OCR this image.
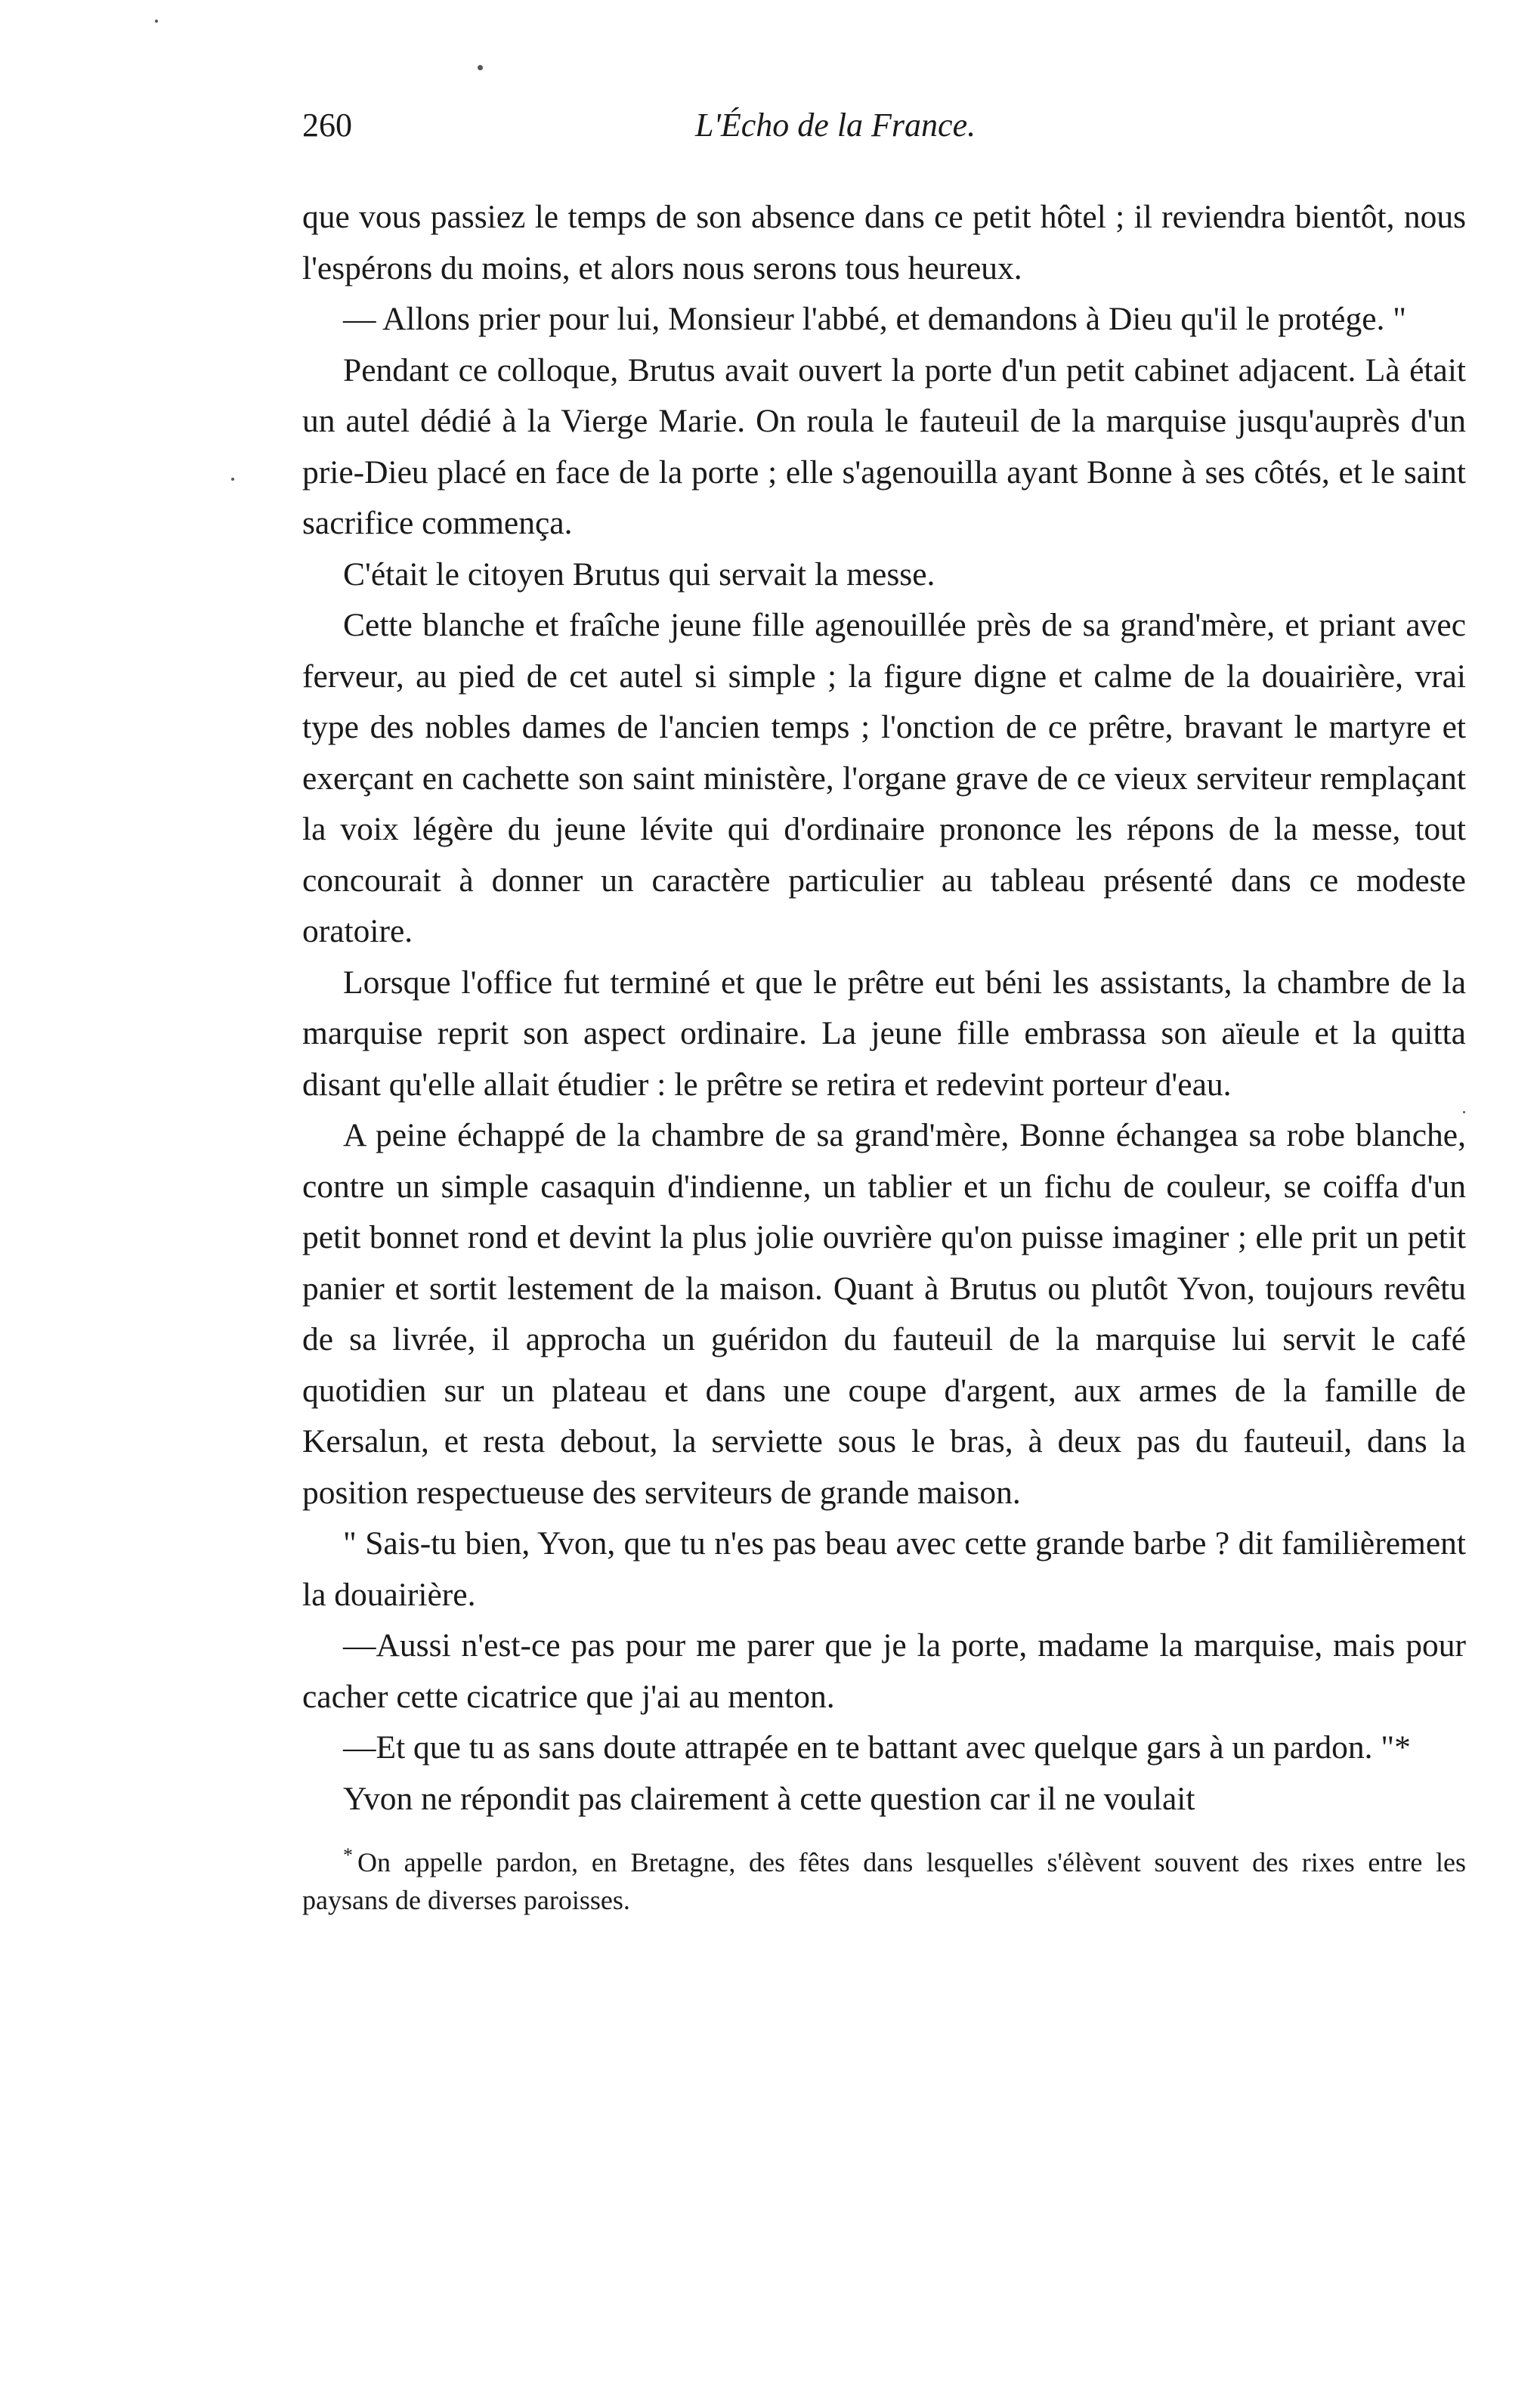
260	L'Écho de la France.

que vous passiez le temps de son absence dans ce petit hôtel ; il reviendra bientôt, nous l'espérons du moins, et alors nous serons tous heureux.

— Allons prier pour lui, Monsieur l'abbé, et demandons à Dieu qu'il le protége. "

Pendant ce colloque, Brutus avait ouvert la porte d'un petit cabinet adjacent. Là était un autel dédié à la Vierge Marie. On roula le fauteuil de la marquise jusqu'auprès d'un prie-Dieu placé en face de la porte ; elle s'agenouilla ayant Bonne à ses côtés, et le saint sacrifice commença.

C'était le citoyen Brutus qui servait la messe.

Cette blanche et fraîche jeune fille agenouillée près de sa grand'mère, et priant avec ferveur, au pied de cet autel si simple ; la figure digne et calme de la douairière, vrai type des nobles dames de l'ancien temps ; l'onction de ce prêtre, bravant le martyre et exerçant en cachette son saint ministère, l'organe grave de ce vieux serviteur remplaçant la voix légère du jeune lévite qui d'ordinaire prononce les répons de la messe, tout concourait à donner un caractère particulier au tableau présenté dans ce modeste oratoire.

Lorsque l'office fut terminé et que le prêtre eut béni les assistants, la chambre de la marquise reprit son aspect ordinaire. La jeune fille embrassa son aïeule et la quitta disant qu'elle allait étudier : le prêtre se retira et redevint porteur d'eau.

A peine échappé de la chambre de sa grand'mère, Bonne échangea sa robe blanche, contre un simple casaquin d'indienne, un tablier et un fichu de couleur, se coiffa d'un petit bonnet rond et devint la plus jolie ouvrière qu'on puisse imaginer ; elle prit un petit panier et sortit lestement de la maison. Quant à Brutus ou plutôt Yvon, toujours revêtu de sa livrée, il approcha un guéridon du fauteuil de la marquise lui servit le café quotidien sur un plateau et dans une coupe d'argent, aux armes de la famille de Kersalun, et resta debout, la serviette sous le bras, à deux pas du fauteuil, dans la position respectueuse des serviteurs de grande maison.

" Sais-tu bien, Yvon, que tu n'es pas beau avec cette grande barbe ? dit familièrement la douairière.

—Aussi n'est-ce pas pour me parer que je la porte, madame la marquise, mais pour cacher cette cicatrice que j'ai au menton.

—Et que tu as sans doute attrapée en te battant avec quelque gars à un pardon. "*

Yvon ne répondit pas clairement à cette question car il ne voulait

* On appelle pardon, en Bretagne, des fêtes dans lesquelles s'élèvent souvent des rixes entre les paysans de diverses paroisses.
